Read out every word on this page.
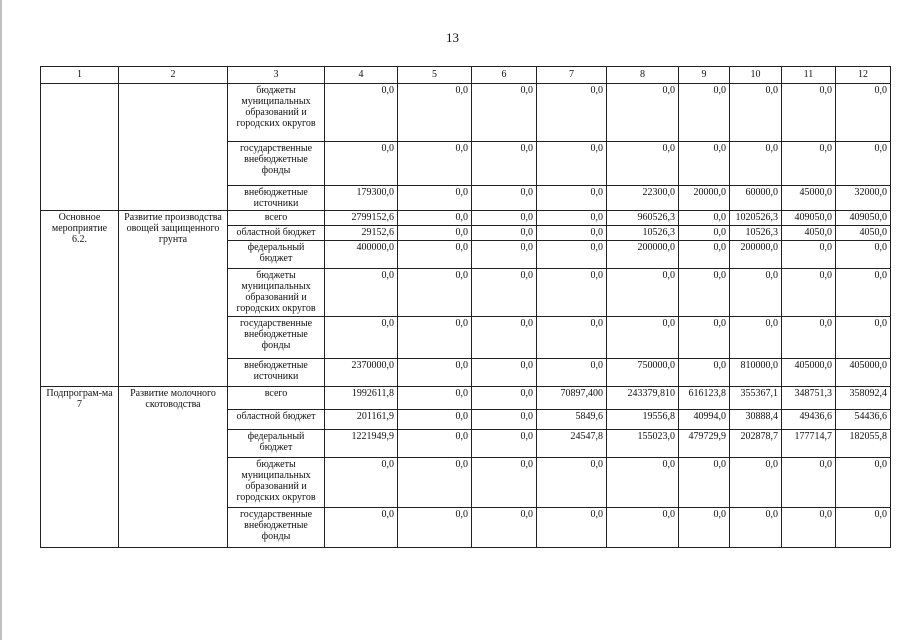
13
1	2	3	4	5	6	7	8	9	10	11	12
		бюджеты муниципальных образований и городских округов	0,0	0,0	0,0	0,0	0,0	0,0	0,0	0,0	0,0
		государственные внебюджетные фонды	0,0	0,0	0,0	0,0	0,0	0,0	0,0	0,0	0,0
		внебюджетные источники	179300,0	0,0	0,0	0,0	22300,0	20000,0	60000,0	45000,0	32000,0
Основное мероприятие 6.2.	Развитие производства овощей защищенного грунта	всего	2799152,6	0,0	0,0	0,0	960526,3	0,0	1020526,3	409050,0	409050,0
		областной бюджет	29152,6	0,0	0,0	0,0	10526,3	0,0	10526,3	4050,0	4050,0
		федеральный бюджет	400000,0	0,0	0,0	0,0	200000,0	0,0	200000,0	0,0	0,0
		бюджеты муниципальных образований и городских округов	0,0	0,0	0,0	0,0	0,0	0,0	0,0	0,0	0,0
		государственные внебюджетные фонды	0,0	0,0	0,0	0,0	0,0	0,0	0,0	0,0	0,0
		внебюджетные источники	2370000,0	0,0	0,0	0,0	750000,0	0,0	810000,0	405000,0	405000,0
Подпрограм-ма 7	Развитие молочного скотоводства	всего	1992611,8	0,0	0,0	70897,400	243379,810	616123,8	355367,1	348751,3	358092,4
		областной бюджет	201161,9	0,0	0,0	5849,6	19556,8	40994,0	30888,4	49436,6	54436,6
		федеральный бюджет	1221949,9	0,0	0,0	24547,8	155023,0	479729,9	202878,7	177714,7	182055,8
		бюджеты муниципальных образований и городских округов	0,0	0,0	0,0	0,0	0,0	0,0	0,0	0,0	0,0
		государственные внебюджетные фонды	0,0	0,0	0,0	0,0	0,0	0,0	0,0	0,0	0,0
